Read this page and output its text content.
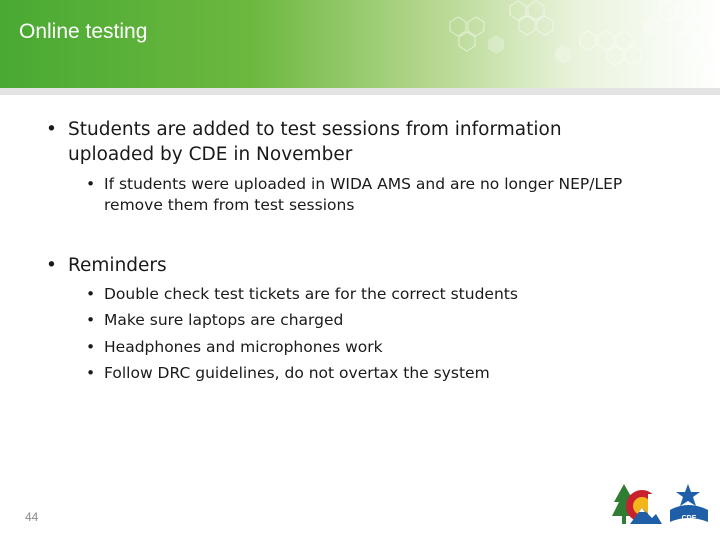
Online testing
• Students are added to test sessions from information
uploaded by CDE in November
• If students were uploaded in WIDA AMS and are no longer NEP/LEP
remove them from test sessions
• Reminders
• Double check test tickets are for the correct students
• Make sure laptops are charged
• Headphones and microphones work
• Follow DRC guidelines, do not overtax the system
44	CDE
